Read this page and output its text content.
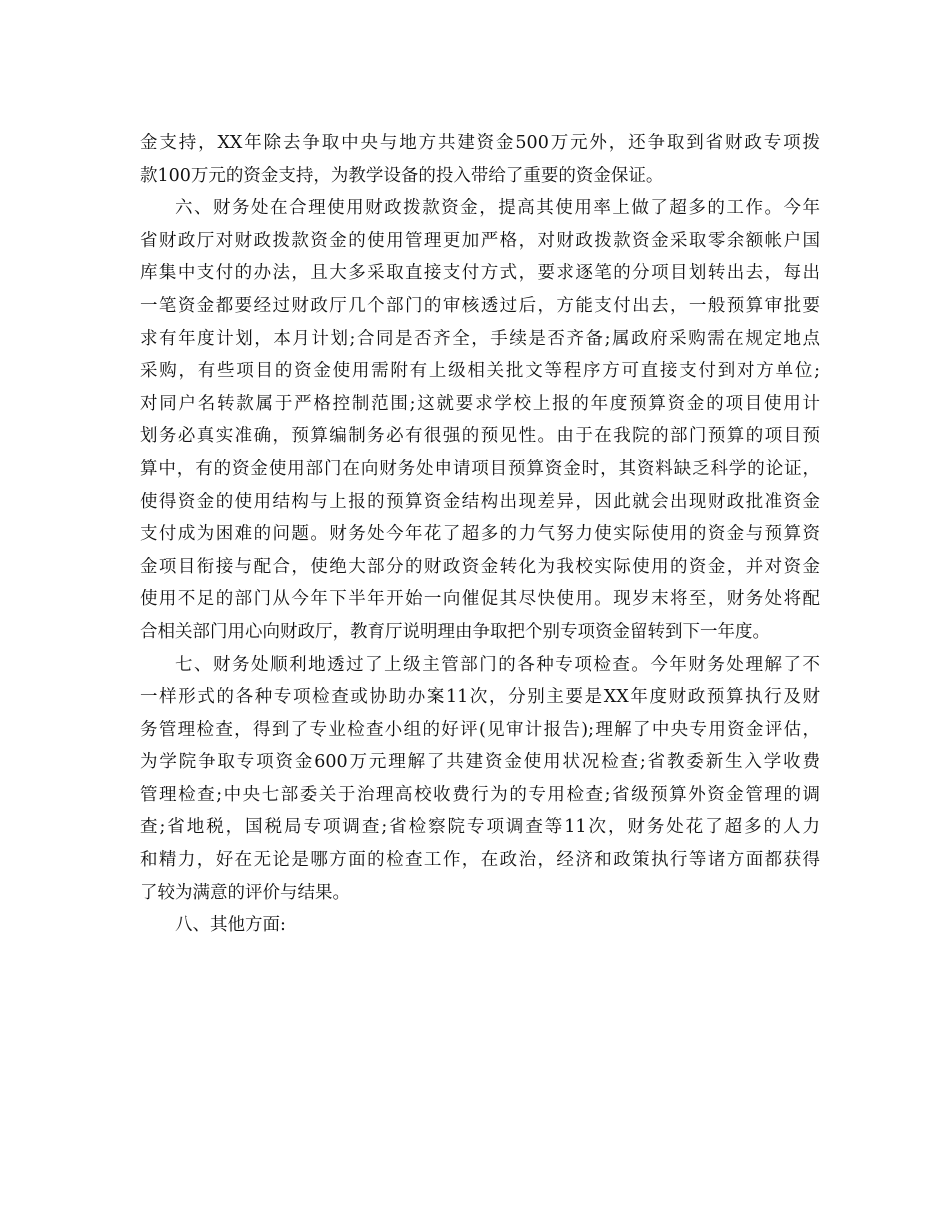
金支持，XX年除去争取中央与地方共建资金500万元外，还争取到省财政专项拨
款100万元的资金支持，为教学设备的投入带给了重要的资金保证。
六、财务处在合理使用财政拨款资金，提高其使用率上做了超多的工作。今年
省财政厅对财政拨款资金的使用管理更加严格，对财政拨款资金采取零余额帐户国
库集中支付的办法，且大多采取直接支付方式，要求逐笔的分项目划转出去，每出
一笔资金都要经过财政厅几个部门的审核透过后，方能支付出去，一般预算审批要
求有年度计划，本月计划;合同是否齐全，手续是否齐备;属政府采购需在规定地点
采购，有些项目的资金使用需附有上级相关批文等程序方可直接支付到对方单位;
对同户名转款属于严格控制范围;这就要求学校上报的年度预算资金的项目使用计
划务必真实准确，预算编制务必有很强的预见性。由于在我院的部门预算的项目预
算中，有的资金使用部门在向财务处申请项目预算资金时，其资料缺乏科学的论证，
使得资金的使用结构与上报的预算资金结构出现差异，因此就会出现财政批准资金
支付成为困难的问题。财务处今年花了超多的力气努力使实际使用的资金与预算资
金项目衔接与配合，使绝大部分的财政资金转化为我校实际使用的资金，并对资金
使用不足的部门从今年下半年开始一向催促其尽快使用。现岁末将至，财务处将配
合相关部门用心向财政厅，教育厅说明理由争取把个别专项资金留转到下一年度。
七、财务处顺利地透过了上级主管部门的各种专项检查。今年财务处理解了不
一样形式的各种专项检查或协助办案11次，分别主要是XX年度财政预算执行及财
务管理检查，得到了专业检查小组的好评(见审计报告);理解了中央专用资金评估，
为学院争取专项资金600万元理解了共建资金使用状况检查;省教委新生入学收费
管理检查;中央七部委关于治理高校收费行为的专用检查;省级预算外资金管理的调
查;省地税，国税局专项调查;省检察院专项调查等11次，财务处花了超多的人力
和精力，好在无论是哪方面的检查工作，在政治，经济和政策执行等诸方面都获得
了较为满意的评价与结果。
八、其他方面:
